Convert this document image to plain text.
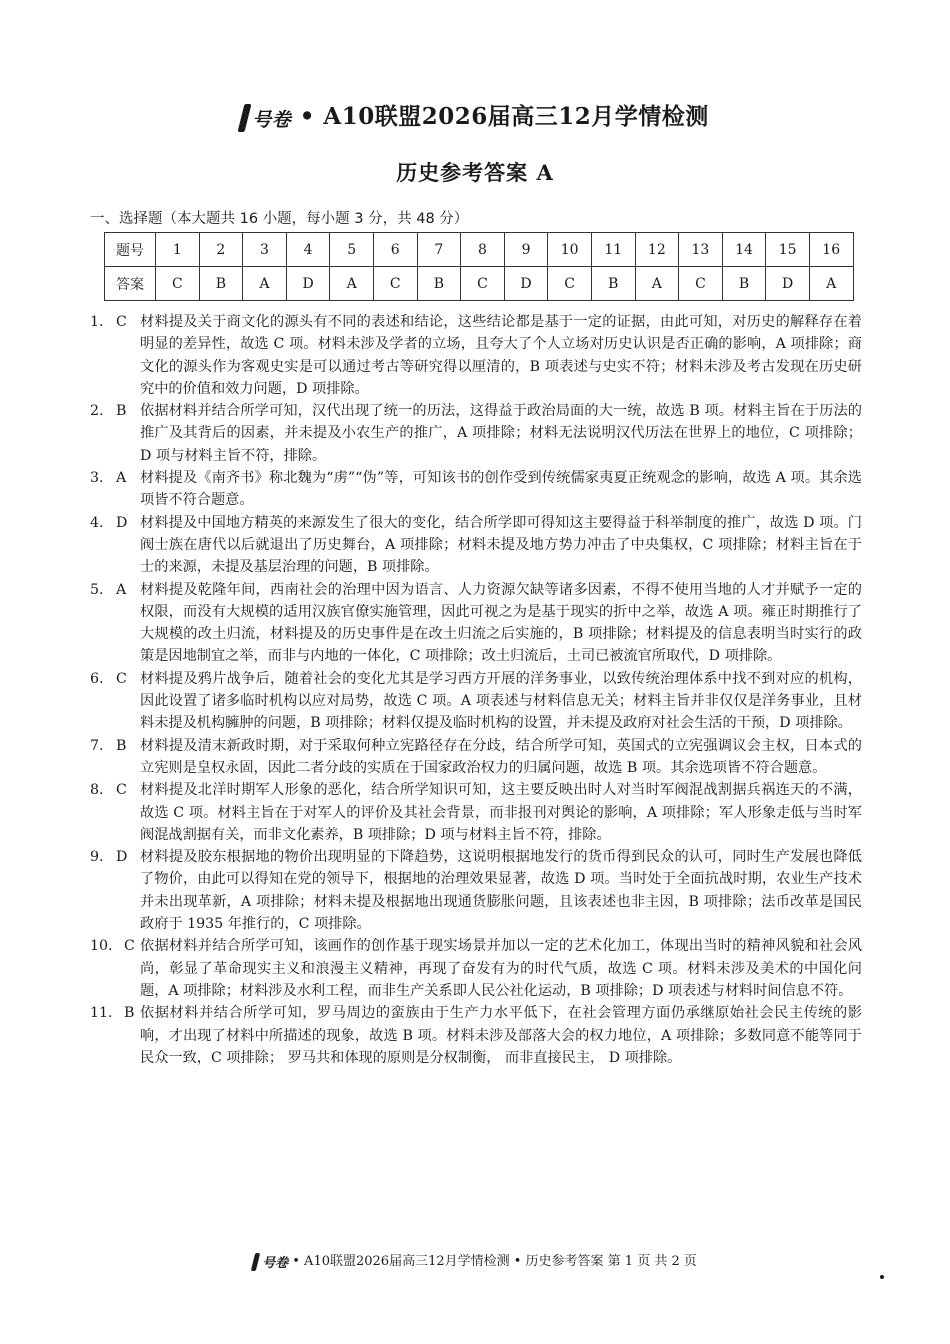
号卷 • A10联盟2026届高三12月学情检测
历史参考答案 A
一、选择题（本大题共 16 小题，每小题 3 分，共 48 分）
题号	1	2	3	4	5	6	7	8	9	10	11	12	13	14	15	16
答案	C	B	A	D	A	C	B	C	D	C	B	A	C	B	D	A
1. C 材料提及关于商文化的源头有不同的表述和结论，这些结论都是基于一定的证据，由此可知，对历史的解释存在着明显的差异性，故选 C 项。材料未涉及学者的立场，且夸大了个人立场对历史认识是否正确的影响，A 项排除；商文化的源头作为客观史实是可以通过考古等研究得以厘清的，B 项表述与史实不符；材料未涉及考古发现在历史研究中的价值和效力问题，D 项排除。
2. B 依据材料并结合所学可知，汉代出现了统一的历法，这得益于政治局面的大一统，故选 B 项。材料主旨在于历法的推广及其背后的因素，并未提及小农生产的推广，A 项排除；材料无法说明汉代历法在世界上的地位，C 项排除；D 项与材料主旨不符，排除。
3. A 材料提及《南齐书》称北魏为“虏”“伪”等，可知该书的创作受到传统儒家夷夏正统观念的影响，故选 A 项。其余选项皆不符合题意。
4. D 材料提及中国地方精英的来源发生了很大的变化，结合所学即可得知这主要得益于科举制度的推广，故选 D 项。门阀士族在唐代以后就退出了历史舞台，A 项排除；材料未提及地方势力冲击了中央集权，C 项排除；材料主旨在于士的来源，未提及基层治理的问题，B 项排除。
5. A 材料提及乾隆年间，西南社会的治理中因为语言、人力资源欠缺等诸多因素，不得不使用当地的人才并赋予一定的权限，而没有大规模的适用汉族官僚实施管理，因此可视之为是基于现实的折中之举，故选 A 项。雍正时期推行了大规模的改土归流，材料提及的历史事件是在改土归流之后实施的，B 项排除；材料提及的信息表明当时实行的政策是因地制宜之举，而非与内地的一体化，C 项排除；改土归流后，土司已被流官所取代，D 项排除。
6. C 材料提及鸦片战争后，随着社会的变化尤其是学习西方开展的洋务事业，以致传统治理体系中找不到对应的机构，因此设置了诸多临时机构以应对局势，故选 C 项。A 项表述与材料信息无关；材料主旨并非仅仅是洋务事业，且材料未提及机构臃肿的问题，B 项排除；材料仅提及临时机构的设置，并未提及政府对社会生活的干预，D 项排除。
7. B 材料提及清末新政时期，对于采取何种立宪路径存在分歧，结合所学可知，英国式的立宪强调议会主权，日本式的立宪则是皇权永固，因此二者分歧的实质在于国家政治权力的归属问题，故选 B 项。其余选项皆不符合题意。
8. C 材料提及北洋时期军人形象的恶化，结合所学知识可知，这主要反映出时人对当时军阀混战割据兵祸连天的不满，故选 C 项。材料主旨在于对军人的评价及其社会背景，而非报刊对舆论的影响，A 项排除；军人形象走低与当时军阀混战割据有关，而非文化素养，B 项排除；D 项与材料主旨不符，排除。
9. D 材料提及胶东根据地的物价出现明显的下降趋势，这说明根据地发行的货币得到民众的认可，同时生产发展也降低了物价，由此可以得知在党的领导下，根据地的治理效果显著，故选 D 项。当时处于全面抗战时期，农业生产技术并未出现革新，A 项排除；材料未提及根据地出现通货膨胀问题，且该表述也非主因，B 项排除；法币改革是国民政府于 1935 年推行的，C 项排除。
10. C 依据材料并结合所学可知，该画作的创作基于现实场景并加以一定的艺术化加工，体现出当时的精神风貌和社会风尚，彰显了革命现实主义和浪漫主义精神，再现了奋发有为的时代气质，故选 C 项。材料未涉及美术的中国化问题，A 项排除；材料涉及水利工程，而非生产关系即人民公社化运动，B 项排除；D 项表述与材料时间信息不符。
11. B 依据材料并结合所学可知，罗马周边的蛮族由于生产力水平低下，在社会管理方面仍承继原始社会民主传统的影响，才出现了材料中所描述的现象，故选 B 项。材料未涉及部落大会的权力地位，A 项排除；多数同意不能等同于民众一致，C 项排除； 罗马共和体现的原则是分权制衡， 而非直接民主， D 项排除。
号卷 • A10联盟2026届高三12月学情检测 • 历史参考答案 第 1 页 共 2 页
